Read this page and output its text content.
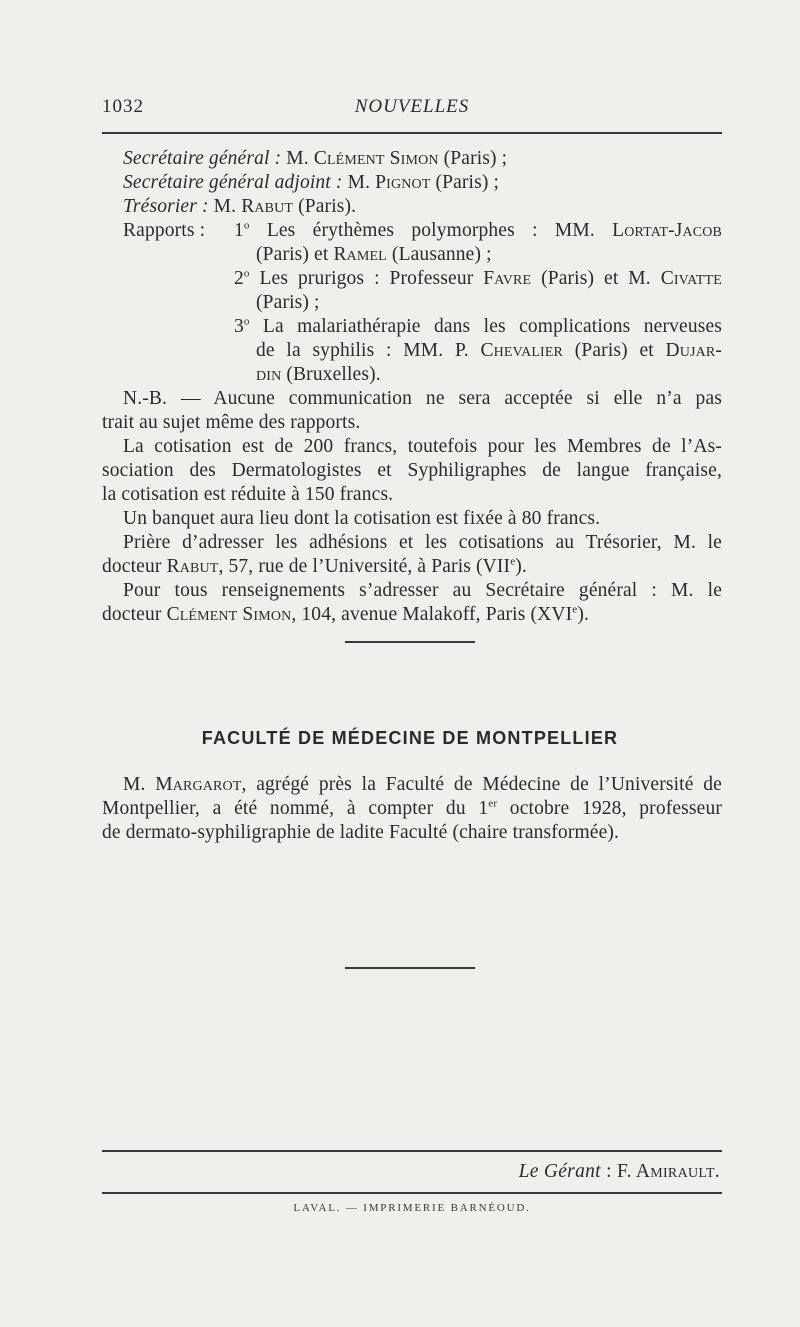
1032	NOUVELLES
Secrétaire général : M. Clément Simon (Paris) ;
Secrétaire général adjoint : M. Pignot (Paris) ;
Trésorier : M. Rabut (Paris).
Rapports : 1$^o$ Les érythèmes polymorphes : MM. Lortat-Jacob
(Paris) et Ramel (Lausanne) ;
2$^o$ Les prurigos : Professeur Favre (Paris) et M. Civatte
(Paris) ;
3$^o$ La malariathérapie dans les complications nerveuses
de la syphilis : MM. P. Chevalier (Paris) et Dujar-
din (Bruxelles).
N.-B. — Aucune communication ne sera acceptée si elle n’a pas
trait au sujet même des rapports.
La cotisation est de 200 francs, toutefois pour les Membres de l’As-
sociation des Dermatologistes et Syphiligraphes de langue française,
la cotisation est réduite à 150 francs.
Un banquet aura lieu dont la cotisation est fixée à 80 francs.
Prière d’adresser les adhésions et les cotisations au Trésorier, M. le
docteur Rabut, 57, rue de l’Université, à Paris (VIIe).
Pour tous renseignements s’adresser au Secrétaire général : M. le
docteur Clément Simon, 104, avenue Malakoff, Paris (XVIe).
FACULTÉ DE MÉDECINE DE MONTPELLIER
M. Margarot, agrégé près la Faculté de Médecine de l’Université de
Montpellier, a été nommé, à compter du 1er octobre 1928, professeur
de dermato-syphiligraphie de ladite Faculté (chaire transformée).
Le Gérant : F. Amirault.
LAVAL. — IMPRIMERIE BARNÉOUD.
